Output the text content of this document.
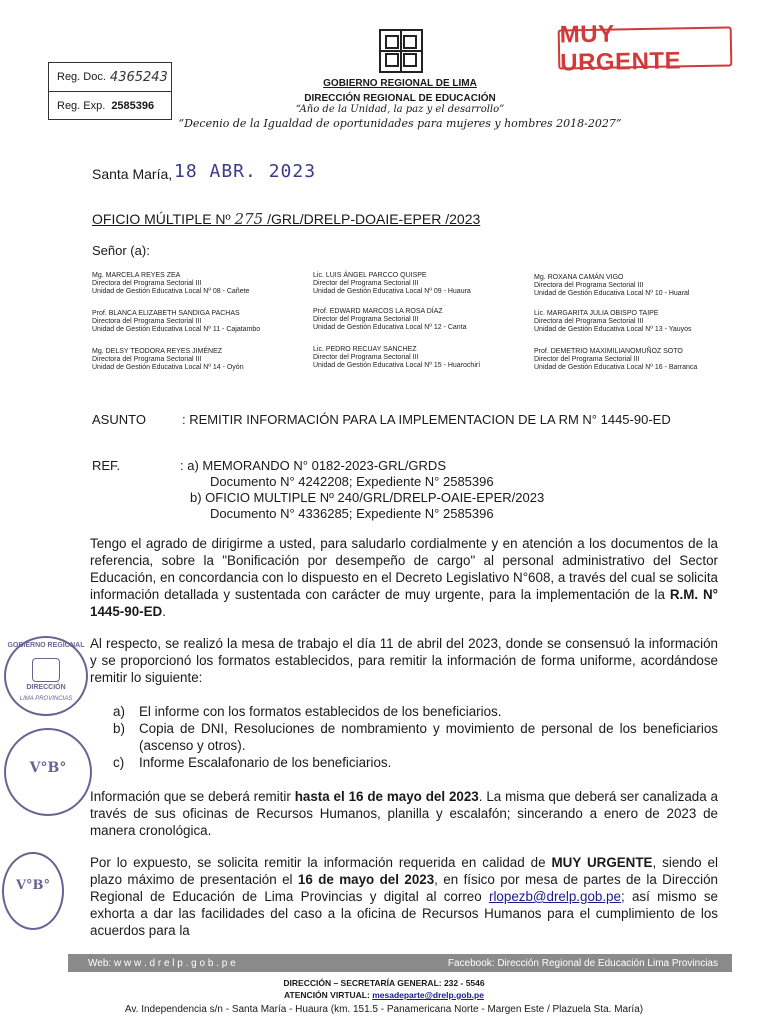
Reg. Doc. 4365243
Reg. Exp. 2585396
MUY URGENTE
GOBIERNO REGIONAL DE LIMA
DIRECCIÓN REGIONAL DE EDUCACIÓN
“Año de la Unidad, la paz y el desarrollo”
“Decenio de la Igualdad de oportunidades para mujeres y hombres 2018-2027”
Santa María, 18 ABR. 2023
OFICIO MÚLTIPLE Nº 275 /GRL/DRELP-DOAIE-EPER /2023
Señor (a):
Mg. MARCELA REYES ZEA
Directora del Programa Sectorial III
Unidad de Gestión Educativa Local Nº 08 - Cañete
Lic. LUIS ÁNGEL PARCCO QUISPE
Director del Programa Sectorial III
Unidad de Gestión Educativa Local Nº 09 - Huaura
Mg. ROXANA CAMÁN VIGO
Directora del Programa Sectorial III
Unidad de Gestión Educativa Local Nº 10 - Huaral
Prof. BLANCA ELIZABETH SANDIGA PACHAS
Directora del Programa Sectorial III
Unidad de Gestión Educativa Local Nº 11 - Cajatambo
Prof. EDWARD MARCOS LA ROSA DÍAZ
Director del Programa Sectorial III
Unidad de Gestión Educativa Local Nº 12 - Canta
Lic. MARGARITA JULIA OBISPO TAIPE
Directora del Programa Sectorial III
Unidad de Gestión Educativa Local Nº 13 - Yauyos
Mg. DELSY TEODORA REYES JIMÉNEZ
Directora del Programa Sectorial III
Unidad de Gestión Educativa Local Nº 14 - Oyón
Lic. PEDRO RECUAY SANCHEZ
Director del Programa Sectorial III
Unidad de Gestión Educativa Local Nº 15 - Huarochirí
Prof. DEMETRIO MAXIMILIANOMUÑOZ SOTO
Director del Programa Sectorial III
Unidad de Gestión Educativa Local Nº 16 - Barranca
ASUNTO	: REMITIR INFORMACIÓN PARA LA IMPLEMENTACION DE LA RM N° 1445-90-ED
REF.	: a) MEMORANDO N° 0182-2023-GRL/GRDS
Documento N° 4242208; Expediente N° 2585396
b) OFICIO MULTIPLE Nº 240/GRL/DRELP-OAIE-EPER/2023
Documento N° 4336285; Expediente N° 2585396
Tengo el agrado de dirigirme a usted, para saludarlo cordialmente y en atención a los documentos de la referencia, sobre la "Bonificación por desempeño de cargo" al personal administrativo del Sector Educación, en concordancia con lo dispuesto en el Decreto Legislativo N°608, a través del cual se solicita información detallada y sustentada con carácter de muy urgente, para la implementación de la R.M. N° 1445-90-ED.
Al respecto, se realizó la mesa de trabajo el día 11 de abril del 2023, donde se consensuó la información y se proporcionó los formatos establecidos, para remitir la información de forma uniforme, acordándose remitir lo siguiente:
a)	El informe con los formatos establecidos de los beneficiarios.
b)	Copia de DNI, Resoluciones de nombramiento y movimiento de personal de los beneficiarios (ascenso y otros).
c)	Informe Escalafonario de los beneficiarios.
Información que se deberá remitir hasta el 16 de mayo del 2023. La misma que deberá ser canalizada a través de sus oficinas de Recursos Humanos, planilla y escalafón; sincerando a enero de 2023 de manera cronológica.
Por lo expuesto, se solicita remitir la información requerida en calidad de MUY URGENTE, siendo el plazo máximo de presentación el 16 de mayo del 2023, en físico por mesa de partes de la Dirección Regional de Educación de Lima Provincias y digital al correo rlopezb@drelp.gob.pe; así mismo se exhorta a dar las facilidades del caso a la oficina de Recursos Humanos para el cumplimiento de los acuerdos para la
GOBIERNO REGIONAL
DIRECCIÓN
LIMA PROVINCIAS
V°B°
V°B°
Web: w w w . d r e l p . g o b . p e	Facebook: Dirección Regional de Educación Lima Provincias
DIRECCIÓN – SECRETARÍA GENERAL: 232 - 5546
ATENCIÓN VIRTUAL: mesadeparte@drelp.gob.pe
Av. Independencia s/n - Santa María - Huaura (km. 151.5 - Panamericana Norte - Margen Este / Plazuela Sta. María)
